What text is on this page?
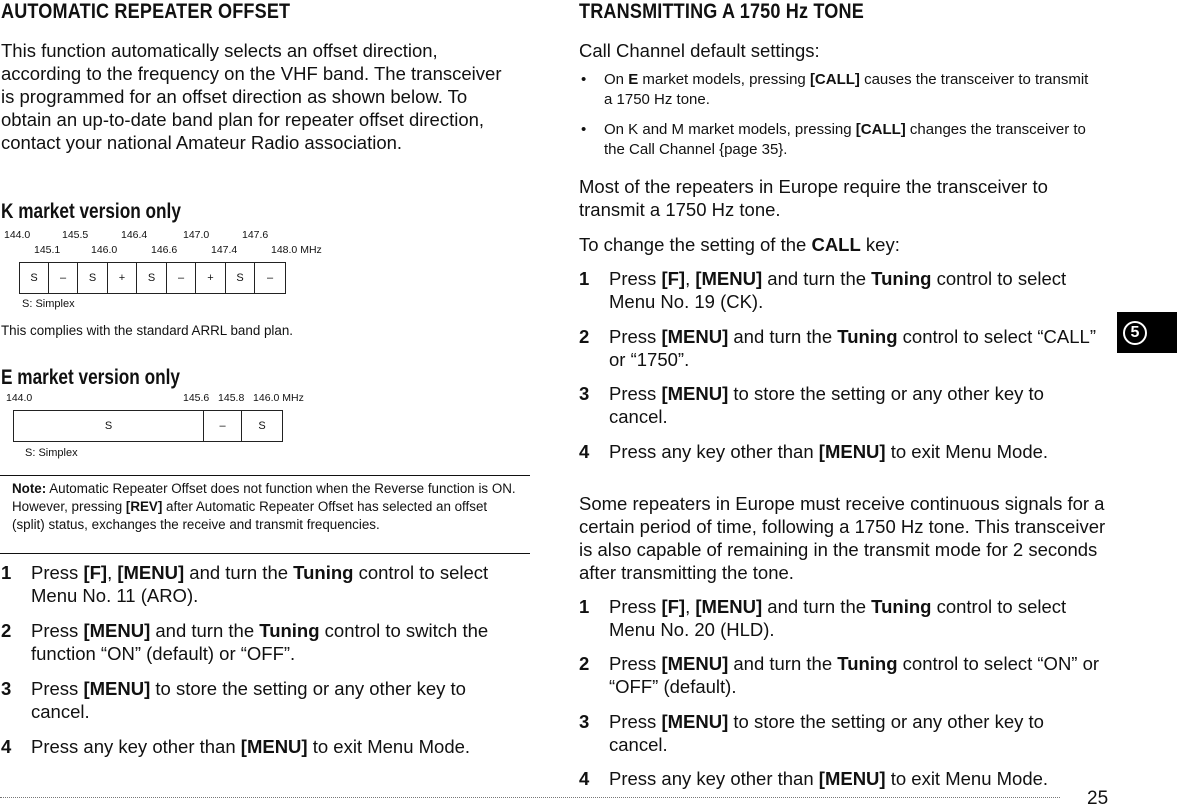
AUTOMATIC REPEATER OFFSET
This function automatically selects an offset direction, according to the frequency on the VHF band. The transceiver is programmed for an offset direction as shown below. To obtain an up-to-date band plan for repeater offset direction, contact your national Amateur Radio association.
K market version only
144.0	145.5	146.4	147.0	147.6
145.1	146.0	146.6	147.4	148.0 MHz
S	–	S	+	S	–	+	S	–
S: Simplex
This complies with the standard ARRL band plan.
E market version only
144.0	145.6   145.8   146.0 MHz
S	–	S
S: Simplex
Note: Automatic Repeater Offset does not function when the Reverse function is ON. However, pressing [REV] after Automatic Repeater Offset has selected an offset (split) status, exchanges the receive and transmit frequencies.
1 Press [F], [MENU] and turn the Tuning control to select Menu No. 11 (ARO).
2 Press [MENU] and turn the Tuning control to switch the function “ON” (default) or “OFF”.
3 Press [MENU] to store the setting or any other key to cancel.
4 Press any key other than [MENU] to exit Menu Mode.
TRANSMITTING A 1750 Hz TONE
Call Channel default settings:
• On E market models, pressing [CALL] causes the transceiver to transmit a 1750 Hz tone.
• On K and M market models, pressing [CALL] changes the transceiver to the Call Channel {page 35}.
Most of the repeaters in Europe require the transceiver to transmit a 1750 Hz tone.
To change the setting of the CALL key:
1 Press [F], [MENU] and turn the Tuning control to select Menu No. 19 (CK).
2 Press [MENU] and turn the Tuning control to select “CALL” or “1750”.
3 Press [MENU] to store the setting or any other key to cancel.
4 Press any key other than [MENU] to exit Menu Mode.
Some repeaters in Europe must receive continuous signals for a certain period of time, following a 1750 Hz tone. This transceiver is also capable of remaining in the transmit mode for 2 seconds after transmitting the tone.
1 Press [F], [MENU] and turn the Tuning control to select Menu No. 20 (HLD).
2 Press [MENU] and turn the Tuning control to select “ON” or “OFF” (default).
3 Press [MENU] to store the setting or any other key to cancel.
4 Press any key other than [MENU] to exit Menu Mode.
5
25
